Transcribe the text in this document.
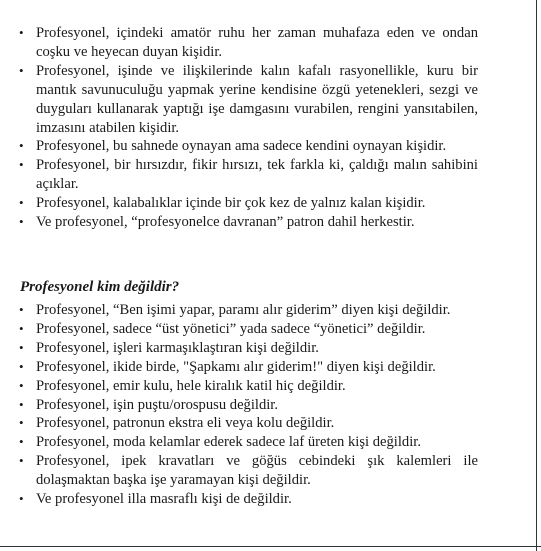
• Profesyonel, içindeki amatör ruhu her zaman muhafaza eden ve ondan coşku ve heyecan duyan kişidir.
• Profesyonel, işinde ve ilişkilerinde kalın kafalı rasyonellikle, kuru bir mantık savunuculuğu yapmak yerine kendisine özgü yetenekleri, sezgi ve duyguları kullanarak yaptığı işe damgasını vurabilen, rengini yansıtabilen, imzasını atabilen kişidir.
• Profesyonel, bu sahnede oynayan ama sadece kendini oynayan kişidir.
• Profesyonel, bir hırsızdır, fikir hırsızı, tek farkla ki, çaldığı malın sahibini açıklar.
• Profesyonel, kalabalıklar içinde bir çok kez de yalnız kalan kişidir.
• Ve profesyonel, “profesyonelce davranan” patron dahil herkestir.
Profesyonel kim değildir?
• Profesyonel, “Ben işimi yapar, paramı alır giderim” diyen kişi değildir.
• Profesyonel, sadece “üst yönetici” yada sadece “yönetici” değildir.
• Profesyonel, işleri karmaşıklaştıran kişi değildir.
• Profesyonel, ikide birde, "Şapkamı alır giderim!" diyen kişi değildir.
• Profesyonel, emir kulu, hele kiralık katil hiç değildir.
• Profesyonel, işin puştu/orospusu değildir.
• Profesyonel, patronun ekstra eli veya kolu değildir.
• Profesyonel, moda kelamlar ederek sadece laf üreten kişi değildir.
• Profesyonel, ipek kravatları ve göğüs cebindeki şık kalemleri ile dolaşmaktan başka işe yaramayan kişi değildir.
• Ve profesyonel illa masraflı kişi de değildir.
